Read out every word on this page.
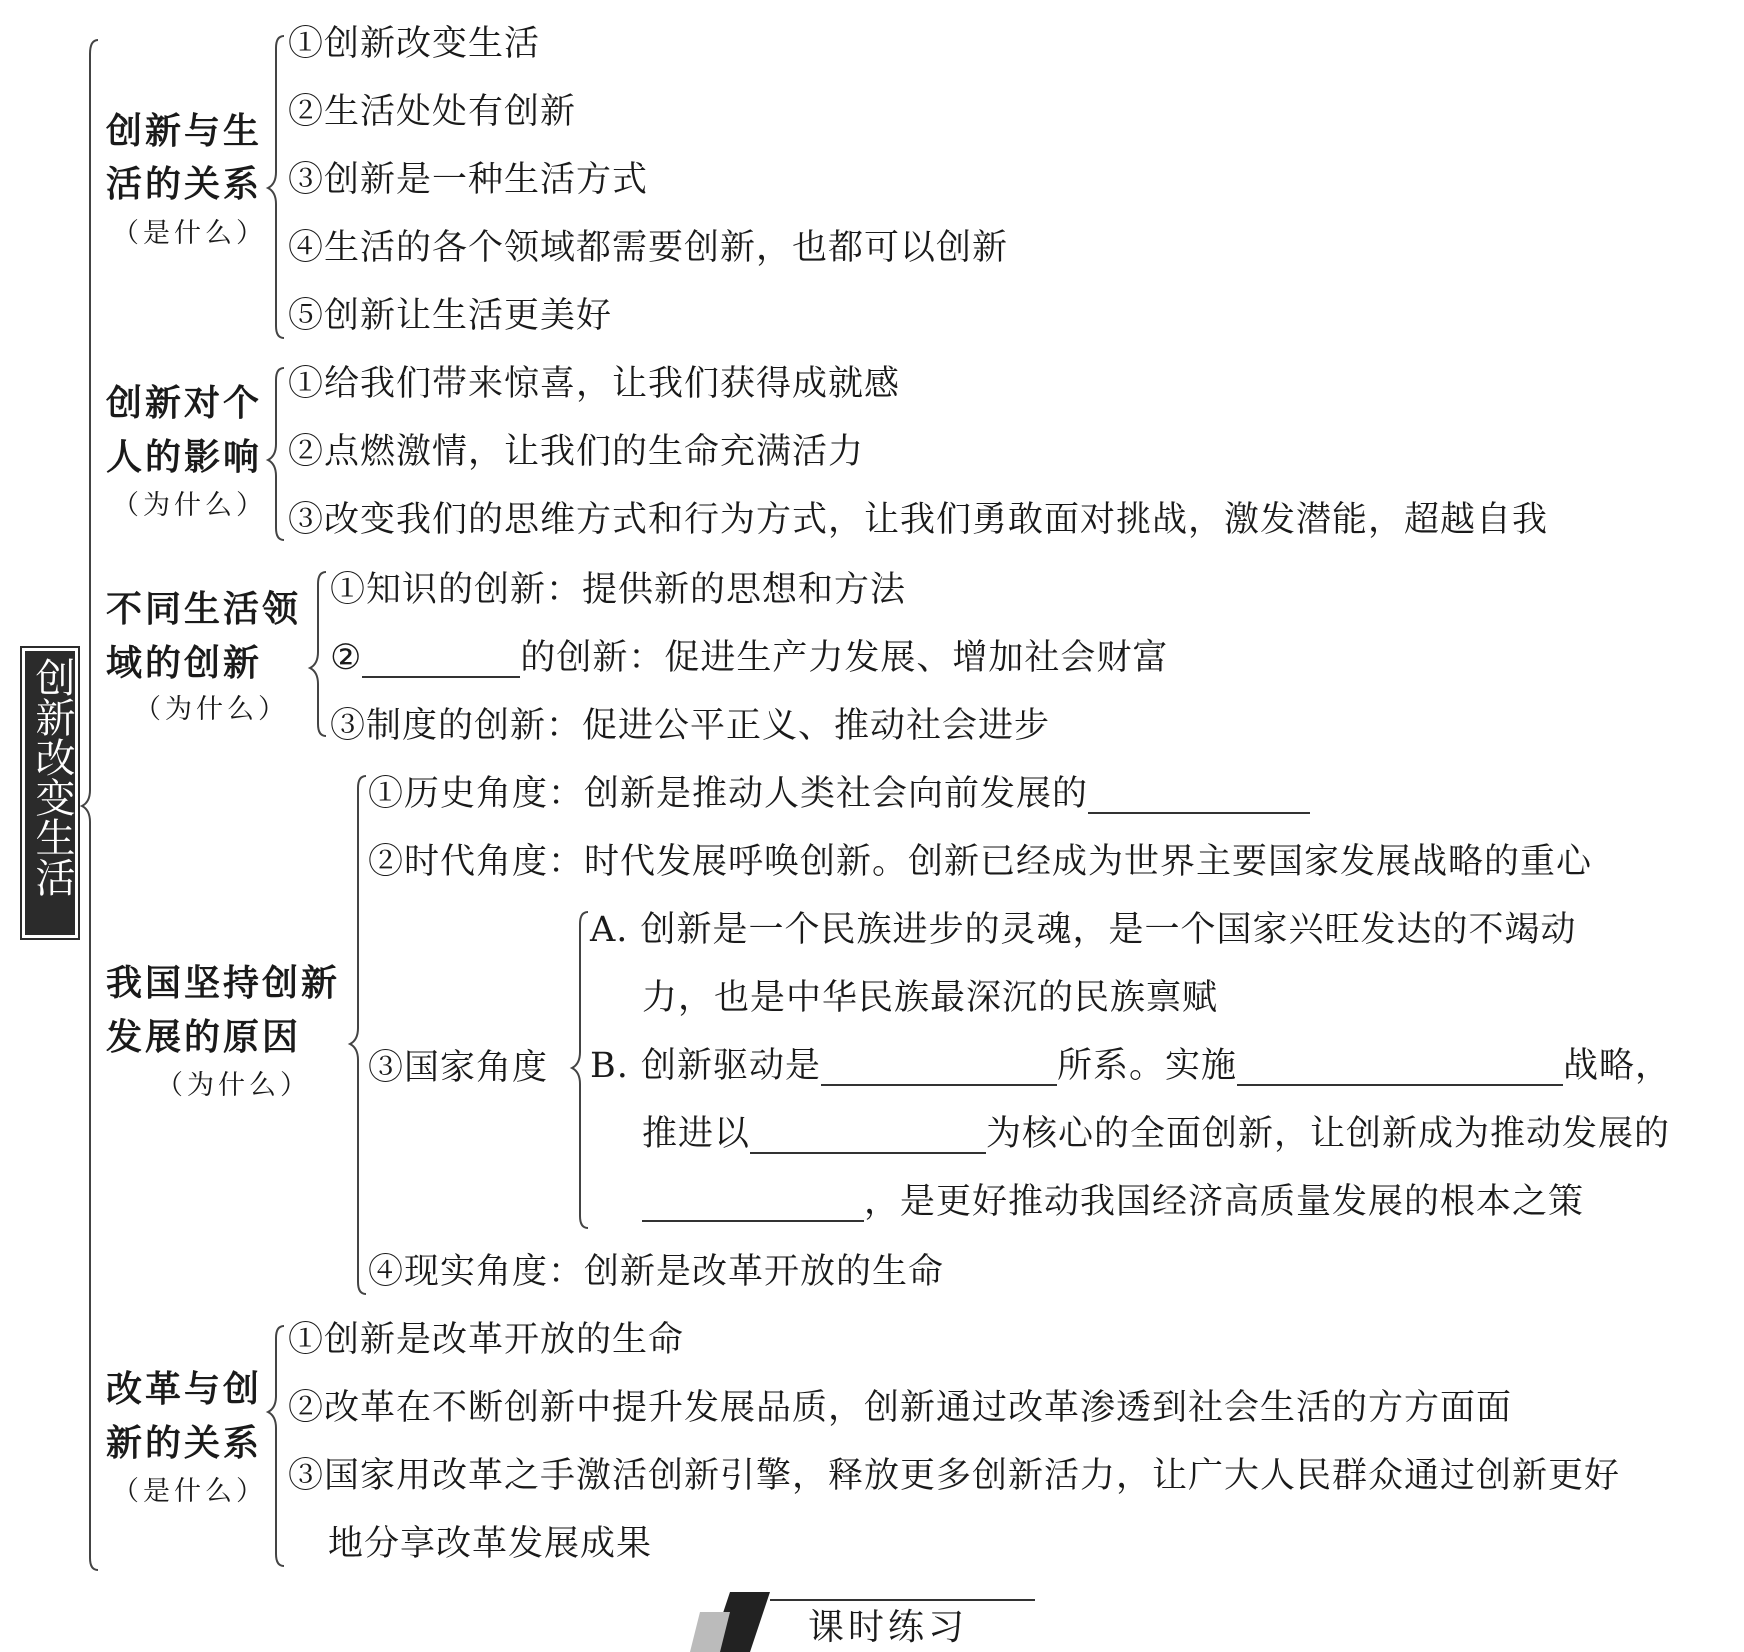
创新改变生活
创新与生
活的关系
（是什么）
①创新改变生活
②生活处处有创新
③创新是一种生活方式
④生活的各个领域都需要创新，也都可以创新
⑤创新让生活更美好
创新对个
人的影响
（为什么）
①给我们带来惊喜，让我们获得成就感
②点燃激情，让我们的生命充满活力
③改变我们的思维方式和行为方式，让我们勇敢面对挑战，激发潜能，超越自我
不同生活领
域的创新
（为什么）
①知识的创新：提供新的思想和方法
②	的创新：促进生产力发展、增加社会财富
③制度的创新：促进公平正义、推动社会进步
我国坚持创新
发展的原因
（为什么）
①历史角度：创新是推动人类社会向前发展的
②时代角度：时代发展呼唤创新。创新已经成为世界主要国家发展战略的重心
③国家角度
A. 创新是一个民族进步的灵魂，是一个国家兴旺发达的不竭动
力，也是中华民族最深沉的民族禀赋
B. 创新驱动是	所系。实施	战略，
推进以	为核心的全面创新，让创新成为推动发展的
，是更好推动我国经济高质量发展的根本之策
④现实角度：创新是改革开放的生命
改革与创
新的关系
（是什么）
①创新是改革开放的生命
②改革在不断创新中提升发展品质，创新通过改革渗透到社会生活的方方面面
③国家用改革之手激活创新引擎，释放更多创新活力，让广大人民群众通过创新更好
地分享改革发展成果
课时练习
